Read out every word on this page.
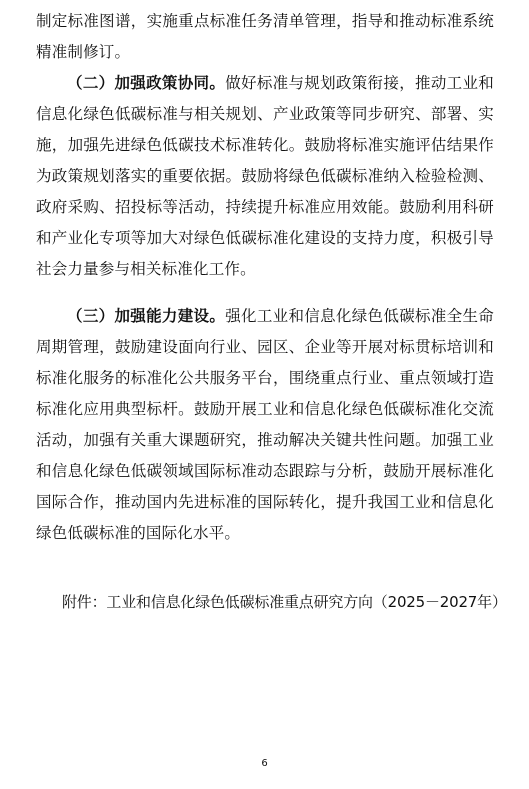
制定标准图谱，实施重点标准任务清单管理，指导和推动标准系统精准制修订。

（二）加强政策协同。做好标准与规划政策衔接，推动工业和信息化绿色低碳标准与相关规划、产业政策等同步研究、部署、实施，加强先进绿色低碳技术标准转化。鼓励将标准实施评估结果作为政策规划落实的重要依据。鼓励将绿色低碳标准纳入检验检测、政府采购、招投标等活动，持续提升标准应用效能。鼓励利用科研和产业化专项等加大对绿色低碳标准化建设的支持力度，积极引导社会力量参与相关标准化工作。

（三）加强能力建设。强化工业和信息化绿色低碳标准全生命周期管理，鼓励建设面向行业、园区、企业等开展对标贯标培训和标准化服务的标准化公共服务平台，围绕重点行业、重点领域打造标准化应用典型标杆。鼓励开展工业和信息化绿色低碳标准化交流活动，加强有关重大课题研究，推动解决关键共性问题。加强工业和信息化绿色低碳领域国际标准动态跟踪与分析，鼓励开展标准化国际合作，推动国内先进标准的国际转化，提升我国工业和信息化绿色低碳标准的国际化水平。

附件：工业和信息化绿色低碳标准重点研究方向（2025－2027年）
6
